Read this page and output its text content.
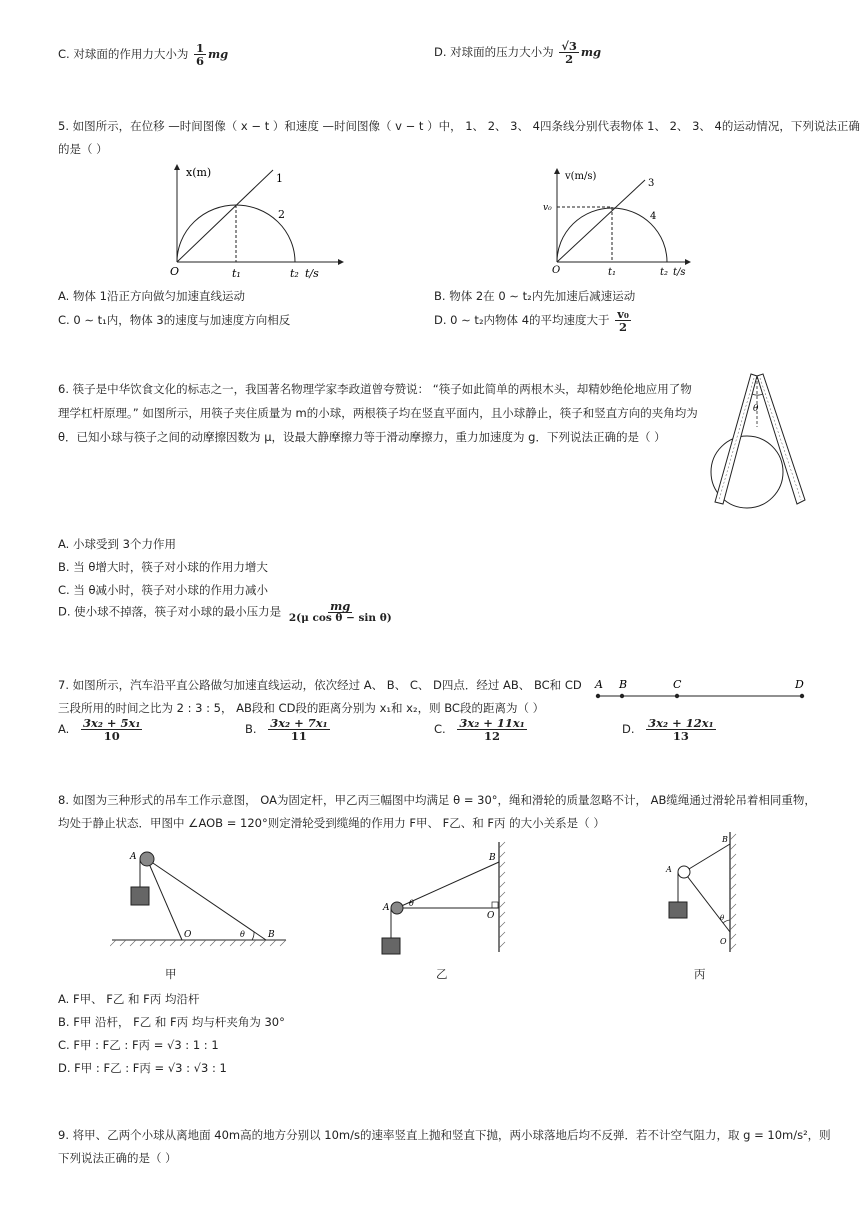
C. 对球面的作用力大小为 $\frac{1}{6}$ mg	D. 对球面的压力大小为 $\frac{√3}{2}$ mg
5. 如图所示，在位移 —时间图像（ x − t ）和速度 —时间图像（ v − t ）中， 1、 2、 3、 4四条线分别代表物体 1、 2、 3、 4的运动情况，下列说法正确
的是（ ）
x(m)
O	t₁	t₂ t/s
1
2
v(m/s)
v₀
O	t₁	t₂ t/s
3
4
A. 物体 1沿正方向做匀加速直线运动	B. 物体 2在 0 ∼ t₂内先加速后减速运动
C. 0 ∼ t₁内，物体 3的速度与加速度方向相反	D. 0 ∼ t₂内物体 4的平均速度大于 $\frac{\text{v₀}}{2}$
6. 筷子是中华饮食文化的标志之一，我国著名物理学家李政道曾夸赞说： “筷子如此简单的两根木头，却精妙绝伦地应用了物理学杠杆原理。” 如图所示，用筷子夹住质量为 m的小球，两根筷子均在竖直平面内，且小球静止，筷子和竖直方向的夹角均为 θ．已知小球与筷子之间的动摩擦因数为 μ，设最大静摩擦力等于滑动摩擦力，重力加速度为 g．下列说法正确的是（ ）
θ
A. 小球受到 3个力作用
B. 当 θ增大时，筷子对小球的作用力增大
C. 当 θ减小时，筷子对小球的作用力减小
D. 使小球不掉落，筷子对小球的最小压力是 $\frac{mg}{\text{2(μ cos θ − sin θ)}}$
7. 如图所示，汽车沿平直公路做匀加速直线运动，依次经过 A、 B、 C、 D四点．经过 AB、 BC和 CD
三段所用的时间之比为 2 : 3 : 5， AB段和 CD段的距离分别为 x₁和 x₂，则 BC段的距离为（ ）
A B	C	D
A. $\frac{\text{3x₂ + 5x₁}}{10}$	B. $\frac{\text{3x₂ + 7x₁}}{11}$	C. $\frac{\text{3x₂ + 11x₁}}{12}$	D. $\frac{\text{3x₂ + 12x₁}}{13}$
8. 如图为三种形式的吊车工作示意图， OA为固定杆，甲乙丙三幅图中均满足 θ = 30°，绳和滑轮的质量忽略不计， AB缆绳通过滑轮吊着相同重物，
均处于静止状态．甲图中 ∠AOB = 120°则定滑轮受到缆绳的作用力 F甲、 F乙、和 F丙 的大小关系是（ ）
A
O	B
θ
A
B
O
θ
A
B
O
θ
甲	乙	丙
A. F甲、 F乙 和 F丙 均沿杆
B. F甲 沿杆， F乙 和 F丙 均与杆夹角为 30°
C. F甲 : F乙 : F丙 = √3 : 1 : 1
D. F甲 : F乙 : F丙 = √3 : √3 : 1
9. 将甲、乙两个小球从离地面 40m高的地方分别以 10m/s的速率竖直上抛和竖直下抛，两小球落地后均不反弹．若不计空气阻力，取 g = 10m/s²，则
下列说法正确的是（ ）
